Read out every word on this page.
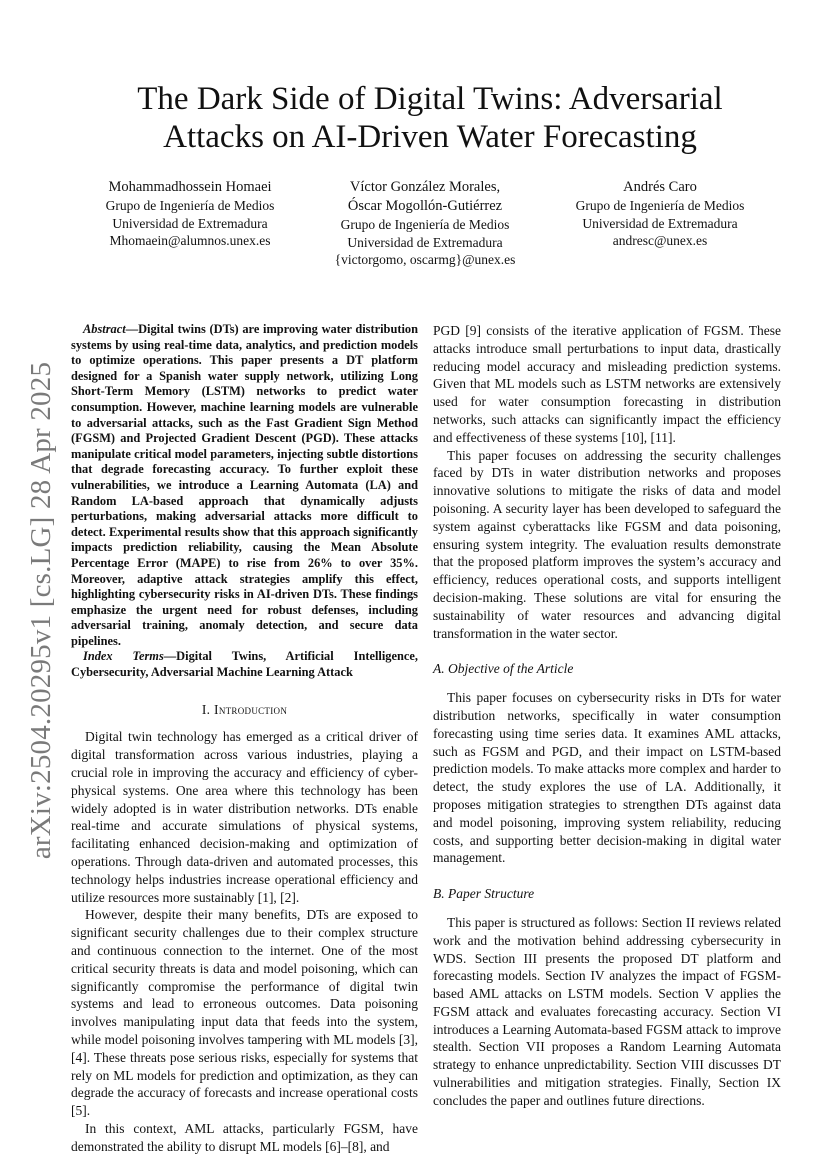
arXiv:2504.20295v1 [cs.LG] 28 Apr 2025
The Dark Side of Digital Twins: Adversarial Attacks on AI-Driven Water Forecasting
Mohammadhossein Homaei
Grupo de Ingeniería de Medios
Universidad de Extremadura
Mhomaein@alumnos.unex.es
Víctor González Morales,
Óscar Mogollón-Gutiérrez
Grupo de Ingeniería de Medios
Universidad de Extremadura
{victorgomo, oscarmg}@unex.es
Andrés Caro
Grupo de Ingeniería de Medios
Universidad de Extremadura
andresc@unex.es

Abstract—Digital twins (DTs) are improving water distribution systems by using real-time data, analytics, and prediction models to optimize operations. This paper presents a DT platform designed for a Spanish water supply network, utilizing Long Short-Term Memory (LSTM) networks to predict water consumption. However, machine learning models are vulnerable to adversarial attacks, such as the Fast Gradient Sign Method (FGSM) and Projected Gradient Descent (PGD). These attacks manipulate critical model parameters, injecting subtle distortions that degrade forecasting accuracy. To further exploit these vulnerabilities, we introduce a Learning Automata (LA) and Random LA-based approach that dynamically adjusts perturbations, making adversarial attacks more difficult to detect. Experimental results show that this approach significantly impacts prediction reliability, causing the Mean Absolute Percentage Error (MAPE) to rise from 26% to over 35%. Moreover, adaptive attack strategies amplify this effect, highlighting cybersecurity risks in AI-driven DTs. These findings emphasize the urgent need for robust defenses, including adversarial training, anomaly detection, and secure data pipelines.

Index Terms—Digital Twins, Artificial Intelligence, Cybersecurity, Adversarial Machine Learning Attack

I. Introduction

Digital twin technology has emerged as a critical driver of digital transformation across various industries, playing a crucial role in improving the accuracy and efficiency of cyber-physical systems. One area where this technology has been widely adopted is in water distribution networks. DTs enable real-time and accurate simulations of physical systems, facilitating enhanced decision-making and optimization of operations. Through data-driven and automated processes, this technology helps industries increase operational efficiency and utilize resources more sustainably [1], [2].

However, despite their many benefits, DTs are exposed to significant security challenges due to their complex structure and continuous connection to the internet. One of the most critical security threats is data and model poisoning, which can significantly compromise the performance of digital twin systems and lead to erroneous outcomes. Data poisoning involves manipulating input data that feeds into the system, while model poisoning involves tampering with ML models [3], [4]. These threats pose serious risks, especially for systems that rely on ML models for prediction and optimization, as they can degrade the accuracy of forecasts and increase operational costs [5].

In this context, AML attacks, particularly FGSM, have demonstrated the ability to disrupt ML models [6]–[8], and

PGD [9] consists of the iterative application of FGSM. These attacks introduce small perturbations to input data, drastically reducing model accuracy and misleading prediction systems. Given that ML models such as LSTM networks are extensively used for water consumption forecasting in distribution networks, such attacks can significantly impact the efficiency and effectiveness of these systems [10], [11].

This paper focuses on addressing the security challenges faced by DTs in water distribution networks and proposes innovative solutions to mitigate the risks of data and model poisoning. A security layer has been developed to safeguard the system against cyberattacks like FGSM and data poisoning, ensuring system integrity. The evaluation results demonstrate that the proposed platform improves the system’s accuracy and efficiency, reduces operational costs, and supports intelligent decision-making. These solutions are vital for ensuring the sustainability of water resources and advancing digital transformation in the water sector.

A. Objective of the Article

This paper focuses on cybersecurity risks in DTs for water distribution networks, specifically in water consumption forecasting using time series data. It examines AML attacks, such as FGSM and PGD, and their impact on LSTM-based prediction models. To make attacks more complex and harder to detect, the study explores the use of LA. Additionally, it proposes mitigation strategies to strengthen DTs against data and model poisoning, improving system reliability, reducing costs, and supporting better decision-making in digital water management.

B. Paper Structure

This paper is structured as follows: Section II reviews related work and the motivation behind addressing cybersecurity in WDS. Section III presents the proposed DT platform and forecasting models. Section IV analyzes the impact of FGSM-based AML attacks on LSTM models. Section V applies the FGSM attack and evaluates forecasting accuracy. Section VI introduces a Learning Automata-based FGSM attack to improve stealth. Section VII proposes a Random Learning Automata strategy to enhance unpredictability. Section VIII discusses DT vulnerabilities and mitigation strategies. Finally, Section IX concludes the paper and outlines future directions.
